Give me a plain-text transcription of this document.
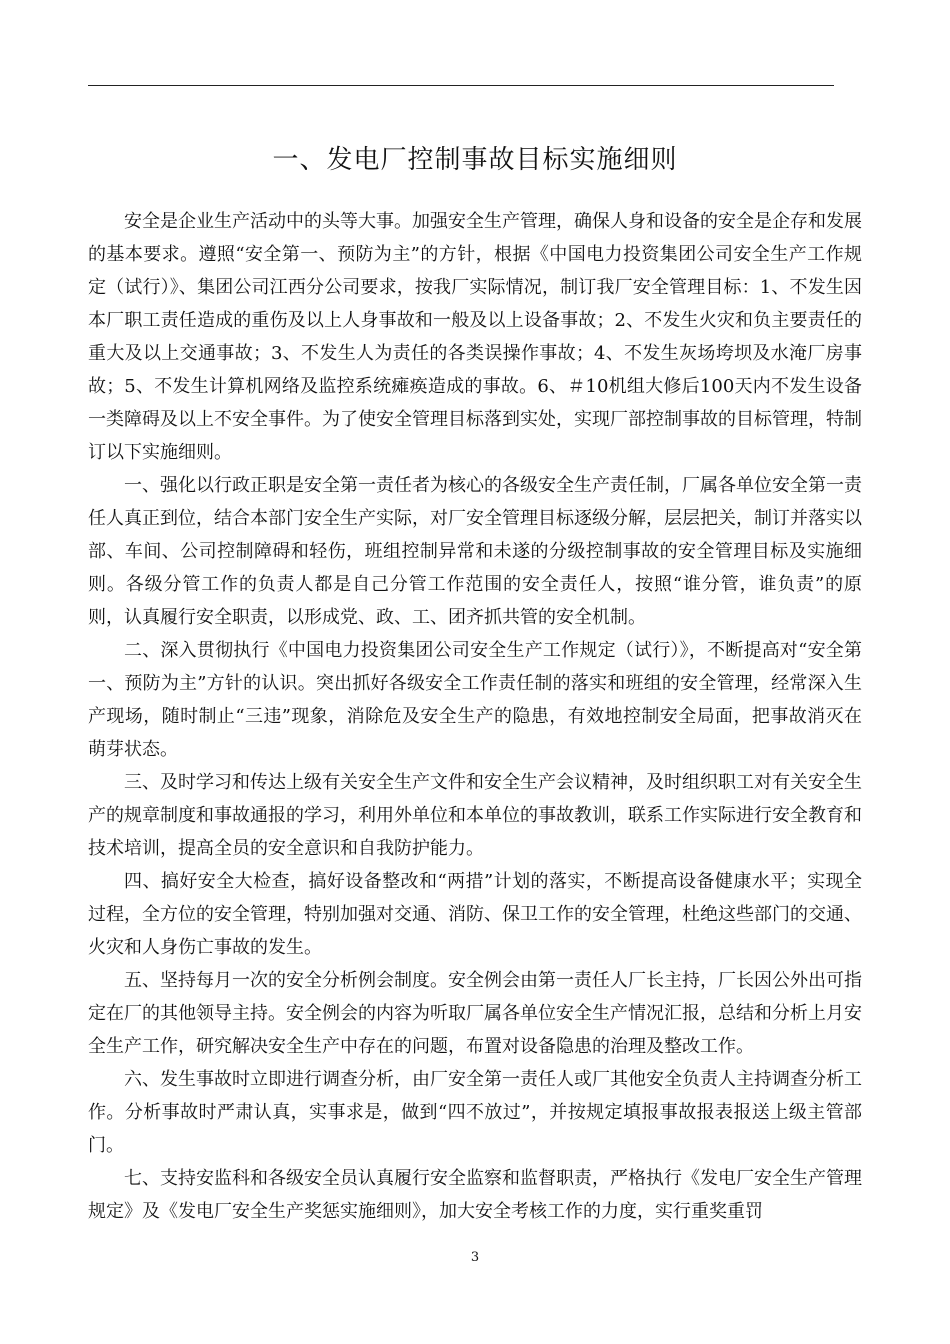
一、发电厂控制事故目标实施细则

安全是企业生产活动中的头等大事。加强安全生产管理，确保人身和设备的安全是企存和发展的基本要求。遵照“安全第一、预防为主”的方针，根据《中国电力投资集团公司安全生产工作规定（试行）》、集团公司江西分公司要求，按我厂实际情况，制订我厂安全管理目标：1、不发生因本厂职工责任造成的重伤及以上人身事故和一般及以上设备事故；2、不发生火灾和负主要责任的重大及以上交通事故；3、不发生人为责任的各类误操作事故；4、不发生灰场垮坝及水淹厂房事故；5、不发生计算机网络及监控系统瘫痪造成的事故。6、＃10机组大修后100天内不发生设备一类障碍及以上不安全事件。为了使安全管理目标落到实处，实现厂部控制事故的目标管理，特制订以下实施细则。

一、强化以行政正职是安全第一责任者为核心的各级安全生产责任制，厂属各单位安全第一责任人真正到位，结合本部门安全生产实际，对厂安全管理目标逐级分解，层层把关，制订并落实以部、车间、公司控制障碍和轻伤，班组控制异常和未遂的分级控制事故的安全管理目标及实施细则。各级分管工作的负责人都是自己分管工作范围的安全责任人，按照“谁分管，谁负责”的原则，认真履行安全职责，以形成党、政、工、团齐抓共管的安全机制。

二、深入贯彻执行《中国电力投资集团公司安全生产工作规定（试行）》，不断提高对“安全第一、预防为主”方针的认识。突出抓好各级安全工作责任制的落实和班组的安全管理，经常深入生产现场，随时制止“三违”现象，消除危及安全生产的隐患，有效地控制安全局面，把事故消灭在萌芽状态。

三、及时学习和传达上级有关安全生产文件和安全生产会议精神，及时组织职工对有关安全生产的规章制度和事故通报的学习，利用外单位和本单位的事故教训，联系工作实际进行安全教育和技术培训，提高全员的安全意识和自我防护能力。

四、搞好安全大检查，搞好设备整改和“两措”计划的落实，不断提高设备健康水平；实现全过程，全方位的安全管理，特别加强对交通、消防、保卫工作的安全管理，杜绝这些部门的交通、火灾和人身伤亡事故的发生。

五、坚持每月一次的安全分析例会制度。安全例会由第一责任人厂长主持，厂长因公外出可指定在厂的其他领导主持。安全例会的内容为听取厂属各单位安全生产情况汇报，总结和分析上月安全生产工作，研究解决安全生产中存在的问题，布置对设备隐患的治理及整改工作。

六、发生事故时立即进行调查分析，由厂安全第一责任人或厂其他安全负责人主持调查分析工作。分析事故时严肃认真，实事求是，做到“四不放过”，并按规定填报事故报表报送上级主管部门。

七、支持安监科和各级安全员认真履行安全监察和监督职责，严格执行《发电厂安全生产管理规定》及《发电厂安全生产奖惩实施细则》，加大安全考核工作的力度，实行重奖重罚

3
